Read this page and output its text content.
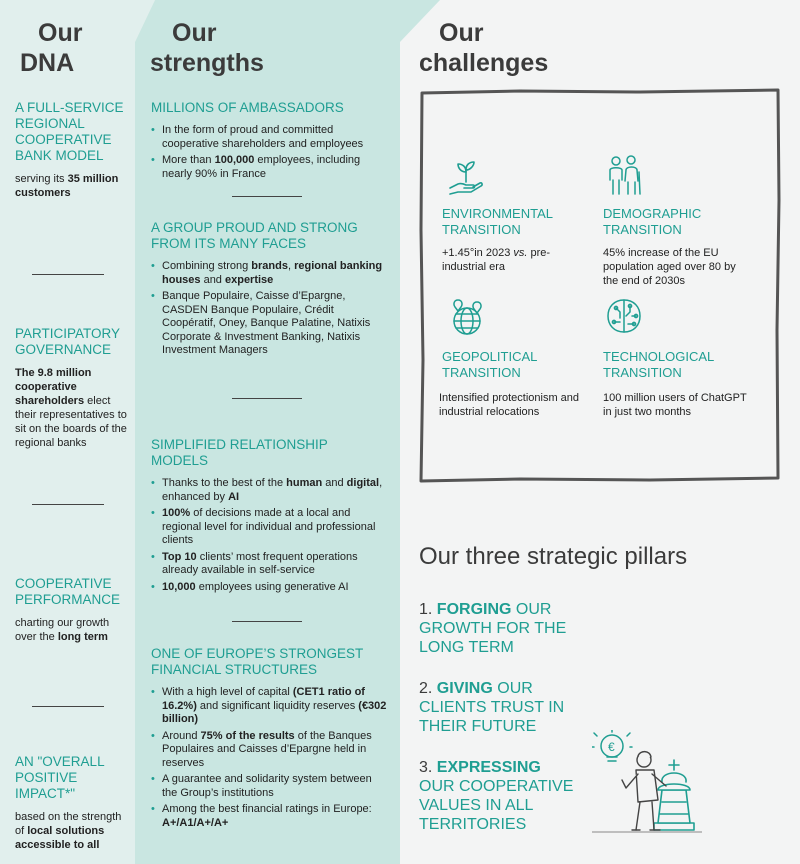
Our
DNA
A FULL-SERVICE REGIONAL COOPERATIVE BANK MODEL
serving its 35 million customers
PARTICIPATORY GOVERNANCE
The 9.8 million cooperative shareholders elect their representatives to sit on the boards of the regional banks
COOPERATIVE PERFORMANCE
charting our growth over the long term
AN "OVERALL POSITIVE IMPACT*"
based on the strength of local solutions accessible to all
Our
strengths
MILLIONS OF AMBASSADORS
• In the form of proud and committed cooperative shareholders and employees
• More than 100,000 employees, including nearly 90% in France
A GROUP PROUD AND STRONG FROM ITS MANY FACES
• Combining strong brands, regional banking houses and expertise
• Banque Populaire, Caisse d’Epargne, CASDEN Banque Populaire, Crédit Coopératif, Oney, Banque Palatine, Natixis Corporate & Investment Banking, Natixis Investment Managers
SIMPLIFIED RELATIONSHIP MODELS
• Thanks to the best of the human and digital, enhanced by AI
• 100% of decisions made at a local and regional level for individual and professional clients
• Top 10 clients’ most frequent operations already available in self-service
• 10,000 employees using generative AI
ONE OF EUROPE’S STRONGEST FINANCIAL STRUCTURES
• With a high level of capital (CET1 ratio of 16.2%) and significant liquidity reserves (€302 billion)
• Around 75% of the results of the Banques Populaires and Caisses d’Epargne held in reserves
• A guarantee and solidarity system between the Group’s institutions
• Among the best financial ratings in Europe: A+/A1/A+/A+
Our
challenges
ENVIRONMENTAL TRANSITION
+1.45°in 2023 vs. pre-industrial era
DEMOGRAPHIC TRANSITION
45% increase of the EU population aged over 80 by the end of 2030s
GEOPOLITICAL TRANSITION
Intensified protectionism and industrial relocations
TECHNOLOGICAL TRANSITION
100 million users of ChatGPT in just two months
Our three strategic pillars
1. FORGING OUR
GROWTH FOR THE
LONG TERM
2. GIVING OUR
CLIENTS TRUST IN
THEIR FUTURE
3. EXPRESSING
OUR COOPERATIVE
VALUES IN ALL
TERRITORIES
€
